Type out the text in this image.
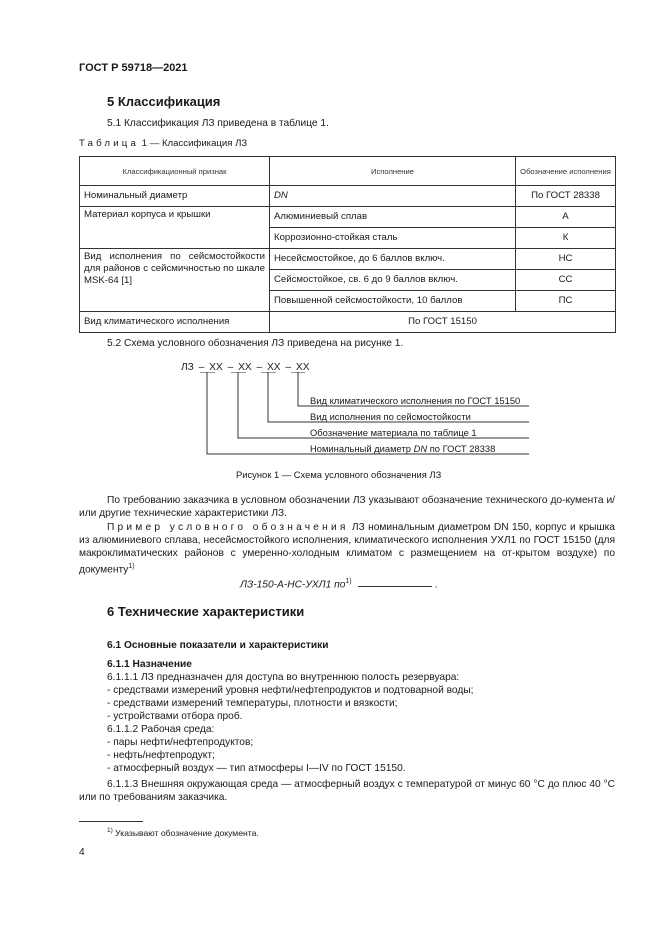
ГОСТ Р 59718—2021
5 Классификация
5.1 Классификация ЛЗ приведена в таблице 1.
Таблица 1 — Классификация ЛЗ
Классификационный признак	Исполнение	Обозначение исполнения
Номинальный диаметр	DN	По ГОСТ 28338
Материал корпуса и крышки	Алюминиевый сплав	А
	Коррозионно-стойкая сталь	К
Вид исполнения по сейсмостойкости для районов с сейсмичностью по шкале MSK-64 [1]	Несейсмостойкое, до 6 баллов включ.	НС
	Сейсмостойкое, св. 6 до 9 баллов включ.	СС
	Повышенной сейсмостойкости, 10 баллов	ПС
Вид климатического исполнения	По ГОСТ 15150	
5.2 Схема условного обозначения ЛЗ приведена на рисунке 1.
ЛЗ – ХХ – ХХ – ХХ – ХХ
Вид климатического исполнения по ГОСТ 15150
Вид исполнения по сейсмостойкости
Обозначение материала по таблице 1
Номинальный диаметр DN по ГОСТ 28338
Рисунок 1 — Схема условного обозначения ЛЗ
По требованию заказчика в условном обозначении ЛЗ указывают обозначение технического до-кумента и/или другие технические характеристики ЛЗ.
Пример условного обозначения ЛЗ номинальным диаметром DN 150, корпус и крышка из алюминиевого сплава, несейсмостойкого исполнения, климатического исполнения УХЛ1 по ГОСТ 15150 (для макроклиматических районов с умеренно-холодным климатом с размещением на от-крытом воздухе) по документу$^{1)}$
ЛЗ-150-А-НС-УХЛ1 $по^{1)}$	.
6 Технические характеристики
6.1 Основные показатели и характеристики
6.1.1 Назначение
6.1.1.1 ЛЗ предназначен для доступа во внутреннюю полость резервуара:
- средствами измерений уровня нефти/нефтепродуктов и подтоварной воды;
- средствами измерений температуры, плотности и вязкости;
- устройствами отбора проб.
6.1.1.2 Рабочая среда:
- пары нефти/нефтепродуктов;
- нефть/нефтепродукт;
- атмосферный воздух — тип атмосферы I—IV по ГОСТ 15150.
6.1.1.3 Внешняя окружающая среда — атмосферный воздух с температурой от минус 60 °С до плюс 40 °С или по требованиям заказчика.
$^{1)}$ Указывают обозначение документа.
4
